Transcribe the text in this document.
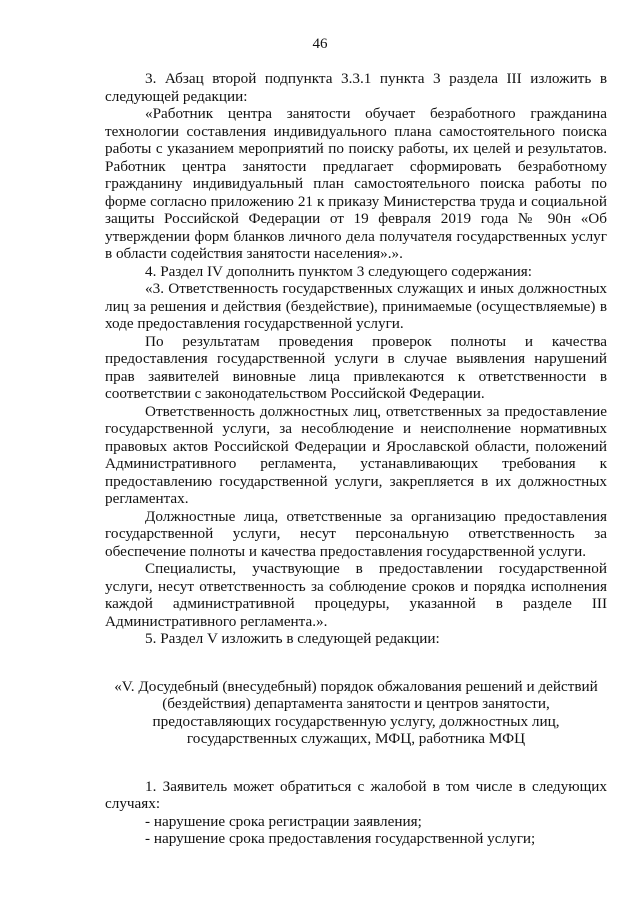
46

3. Абзац второй подпункта 3.3.1 пункта 3 раздела III изложить в следующей редакции:

«Работник центра занятости обучает безработного гражданина технологии составления индивидуального плана самостоятельного поиска работы с указанием мероприятий по поиску работы, их целей и результатов. Работник центра занятости предлагает сформировать безработному гражданину индивидуальный план самостоятельного поиска работы по форме согласно приложению 21 к приказу Министерства труда и социальной защиты Российской Федерации от 19 февраля 2019 года № 90н «Об утверждении форм бланков личного дела получателя государственных услуг в области содействия занятости населения».».

4. Раздел IV дополнить пунктом 3 следующего содержания:

«3. Ответственность государственных служащих и иных должностных лиц за решения и действия (бездействие), принимаемые (осуществляемые) в ходе предоставления государственной услуги.

По результатам проведения проверок полноты и качества предоставления государственной услуги в случае выявления нарушений прав заявителей виновные лица привлекаются к ответственности в соответствии с законодательством Российской Федерации.

Ответственность должностных лиц, ответственных за предоставление государственной услуги, за несоблюдение и неисполнение нормативных правовых актов Российской Федерации и Ярославской области, положений Административного регламента, устанавливающих требования к предоставлению государственной услуги, закрепляется в их должностных регламентах.

Должностные лица, ответственные за организацию предоставления государственной услуги, несут персональную ответственность за обеспечение полноты и качества предоставления государственной услуги.

Специалисты, участвующие в предоставлении государственной услуги, несут ответственность за соблюдение сроков и порядка исполнения каждой административной процедуры, указанной в разделе III Административного регламента.».

5. Раздел V изложить в следующей редакции:

«V. Досудебный (внесудебный) порядок обжалования решений и действий (бездействия) департамента занятости и центров занятости, предоставляющих государственную услугу, должностных лиц, государственных служащих, МФЦ, работника МФЦ

1. Заявитель может обратиться с жалобой в том числе в следующих случаях:

- нарушение срока регистрации заявления;

- нарушение срока предоставления государственной услуги;
